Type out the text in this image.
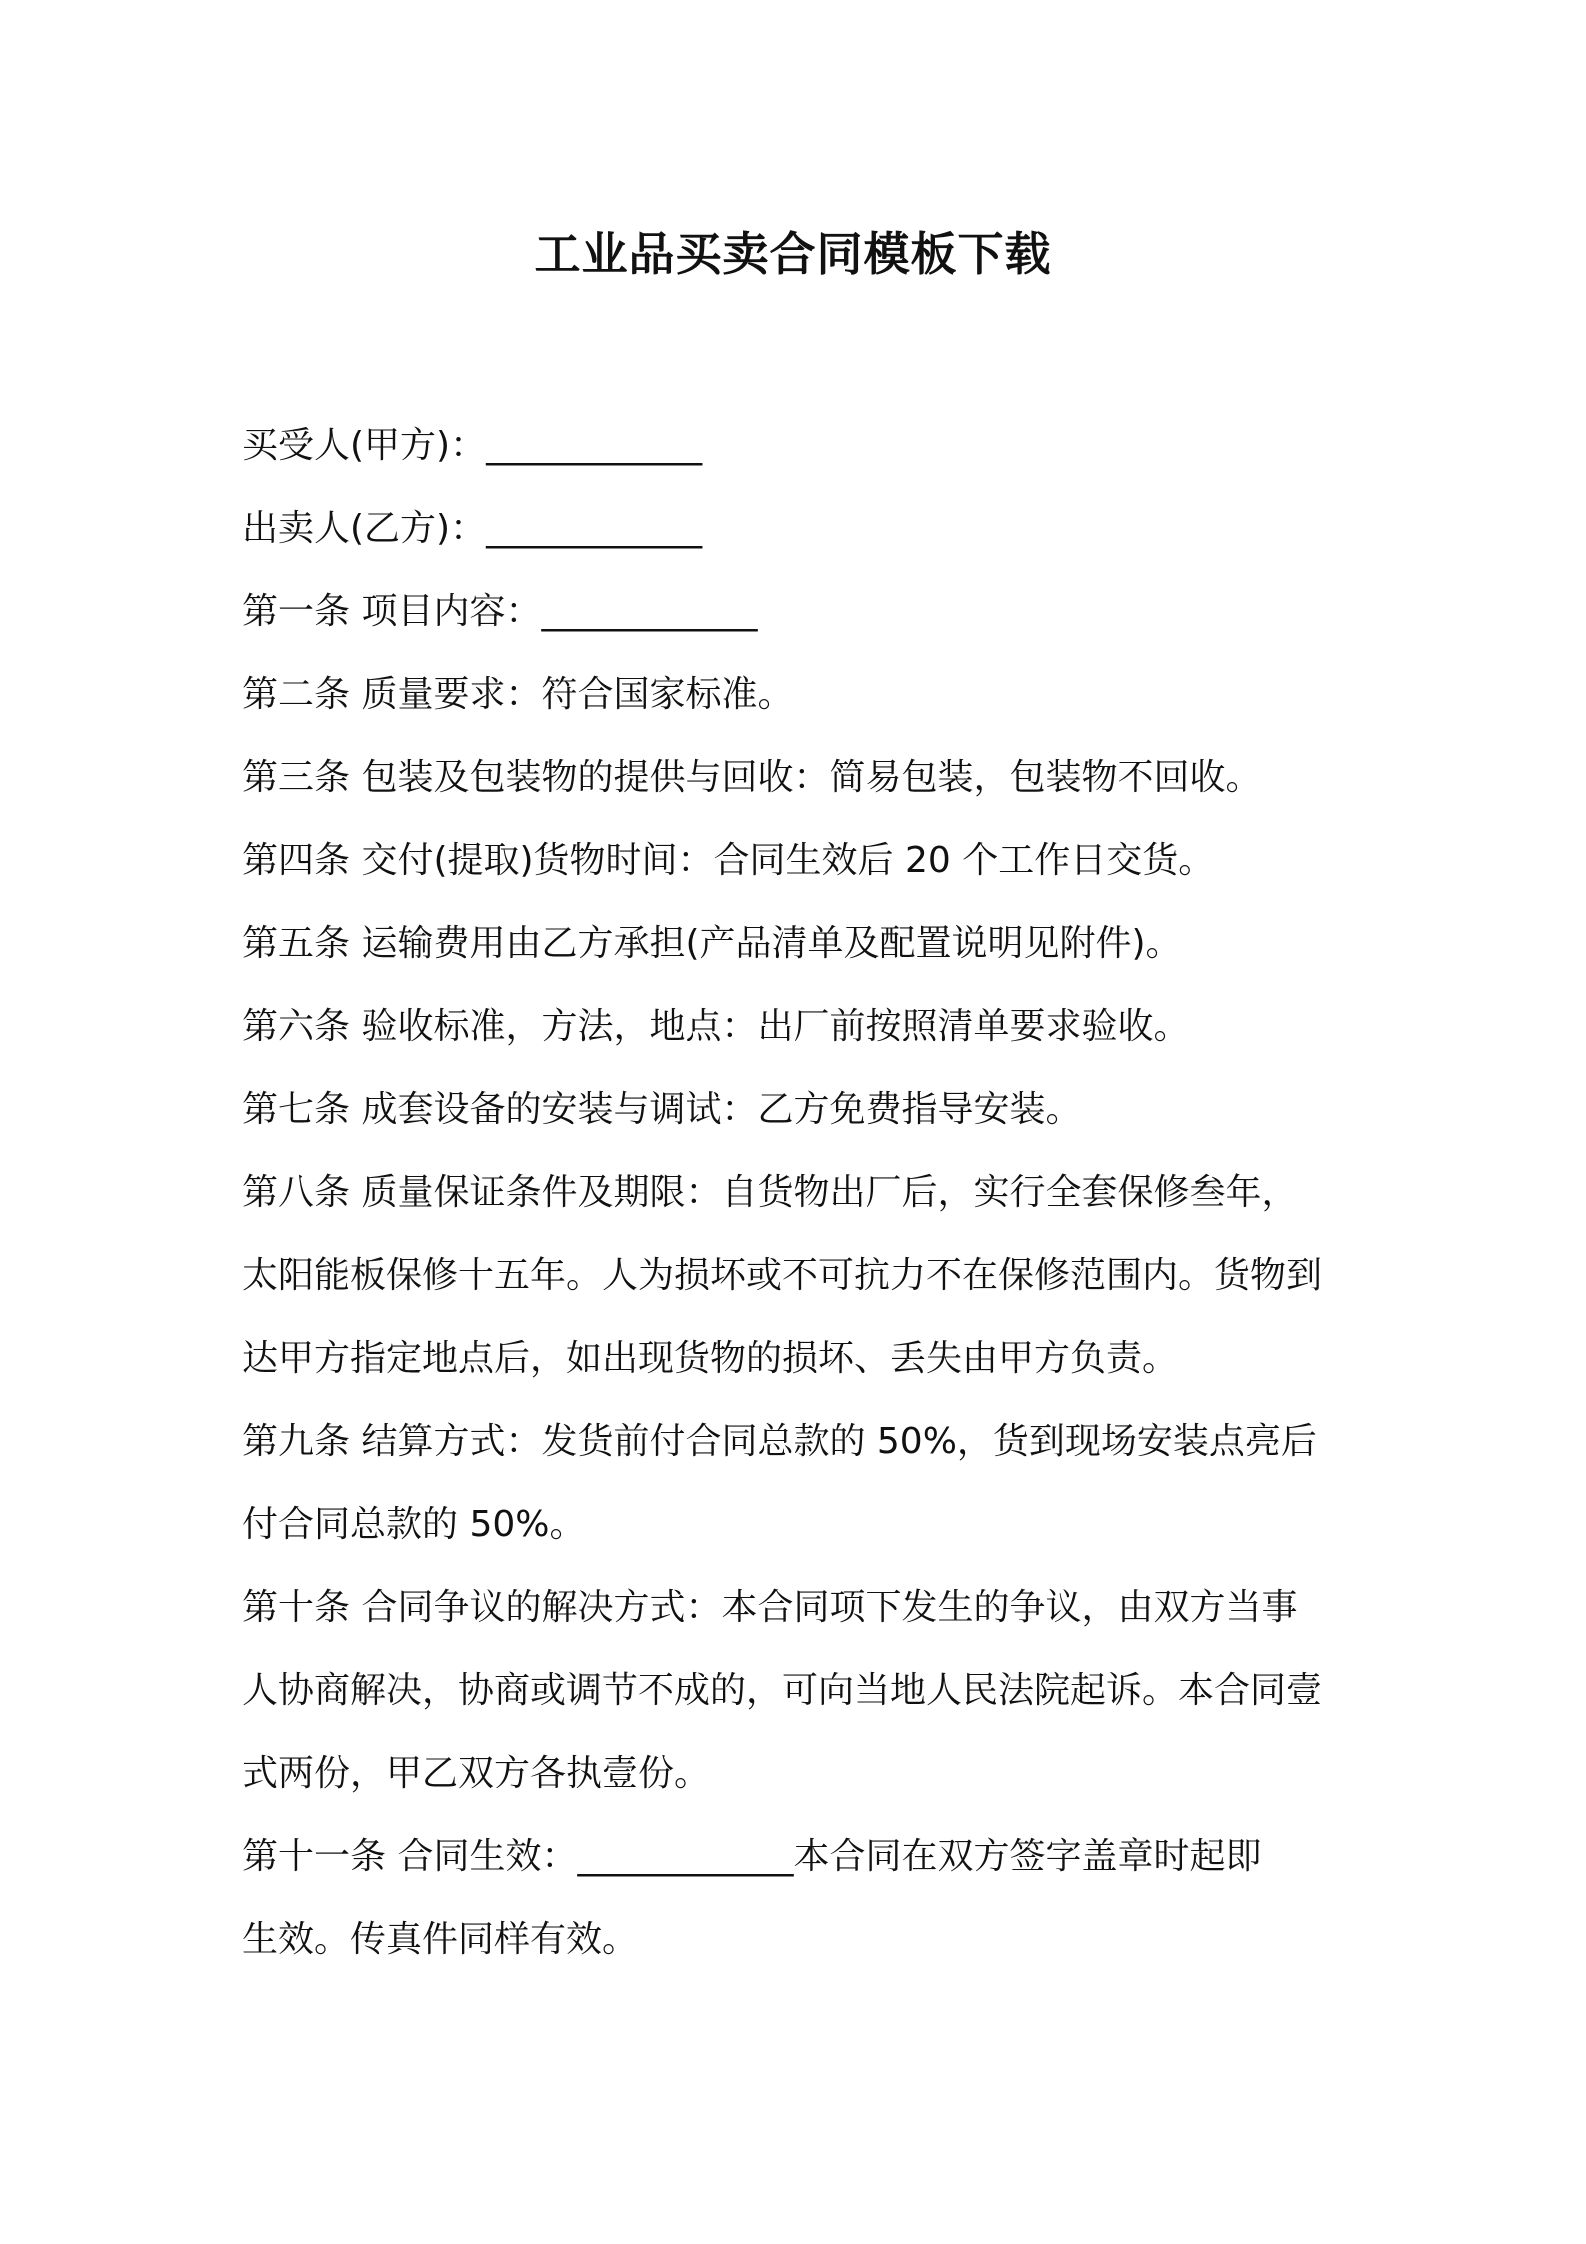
工业品买卖合同模板下载
买受人(甲方)：____________
出卖人(乙方)：____________
第一条 项目内容：____________
第二条 质量要求：符合国家标准。
第三条 包装及包装物的提供与回收：简易包装，包装物不回收。
第四条 交付(提取)货物时间：合同生效后 20 个工作日交货。
第五条 运输费用由乙方承担(产品清单及配置说明见附件)。
第六条 验收标准，方法，地点：出厂前按照清单要求验收。
第七条 成套设备的安装与调试：乙方免费指导安装。
第八条 质量保证条件及期限：自货物出厂后，实行全套保修叁年，
太阳能板保修十五年。人为损坏或不可抗力不在保修范围内。货物到
达甲方指定地点后，如出现货物的损坏、丢失由甲方负责。
第九条 结算方式：发货前付合同总款的 50%，货到现场安装点亮后
付合同总款的 50%。
第十条 合同争议的解决方式：本合同项下发生的争议，由双方当事
人协商解决，协商或调节不成的，可向当地人民法院起诉。本合同壹
式两份，甲乙双方各执壹份。
第十一条 合同生效：____________本合同在双方签字盖章时起即
生效。传真件同样有效。
